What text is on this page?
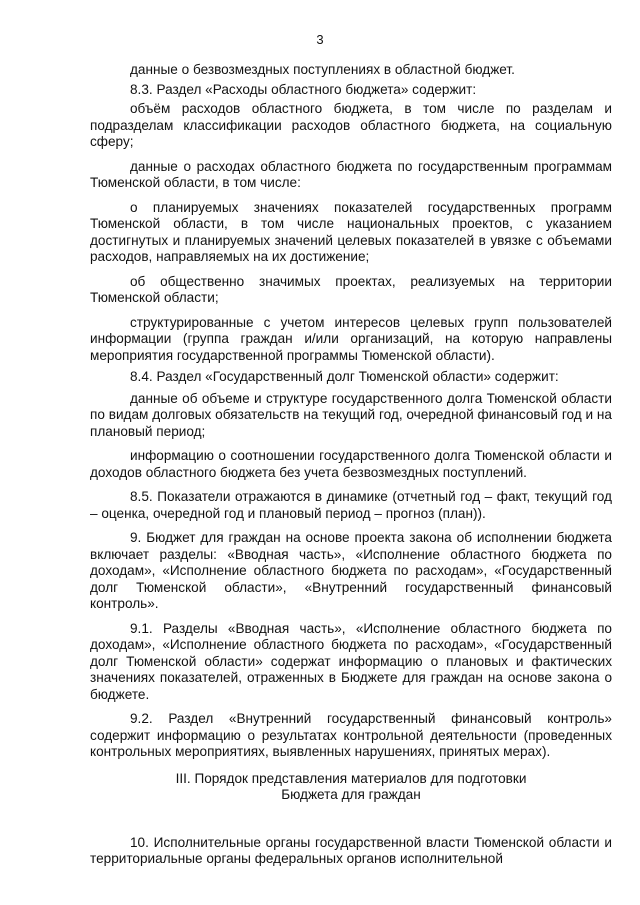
3

данные о безвозмездных поступлениях в областной бюджет.

8.3. Раздел «Расходы областного бюджета» содержит:

объём расходов областного бюджета, в том числе по разделам и подразделам классификации расходов областного бюджета, на социальную сферу;

данные о расходах областного бюджета по государственным программам Тюменской области, в том числе:

о планируемых значениях показателей государственных программ Тюменской области, в том числе национальных проектов, с указанием достигнутых и планируемых значений целевых показателей в увязке с объемами расходов, направляемых на их достижение;

об общественно значимых проектах, реализуемых на территории Тюменской области;

структурированные с учетом интересов целевых групп пользователей информации (группа граждан и/или организаций, на которую направлены мероприятия государственной программы Тюменской области).

8.4. Раздел «Государственный долг Тюменской области» содержит:

данные об объеме и структуре государственного долга Тюменской области по видам долговых обязательств на текущий год, очередной финансовый год и на плановый период;

информацию о соотношении государственного долга Тюменской области и доходов областного бюджета без учета безвозмездных поступлений.

8.5. Показатели отражаются в динамике (отчетный год – факт, текущий год – оценка, очередной год и плановый период – прогноз (план)).

9. Бюджет для граждан на основе проекта закона об исполнении бюджета включает разделы: «Вводная часть», «Исполнение областного бюджета по доходам», «Исполнение областного бюджета по расходам», «Государственный долг Тюменской области», «Внутренний государственный финансовый контроль».

9.1. Разделы «Вводная часть», «Исполнение областного бюджета по доходам», «Исполнение областного бюджета по расходам», «Государственный долг Тюменской области» содержат информацию о плановых и фактических значениях показателей, отраженных в Бюджете для граждан на основе закона о бюджете.

9.2. Раздел «Внутренний государственный финансовый контроль» содержит информацию о результатах контрольной деятельности (проведенных контрольных мероприятиях, выявленных нарушениях, принятых мерах).

III. Порядок представления материалов для подготовки

Бюджета для граждан

10. Исполнительные органы государственной власти Тюменской области и территориальные органы федеральных органов исполнительной
